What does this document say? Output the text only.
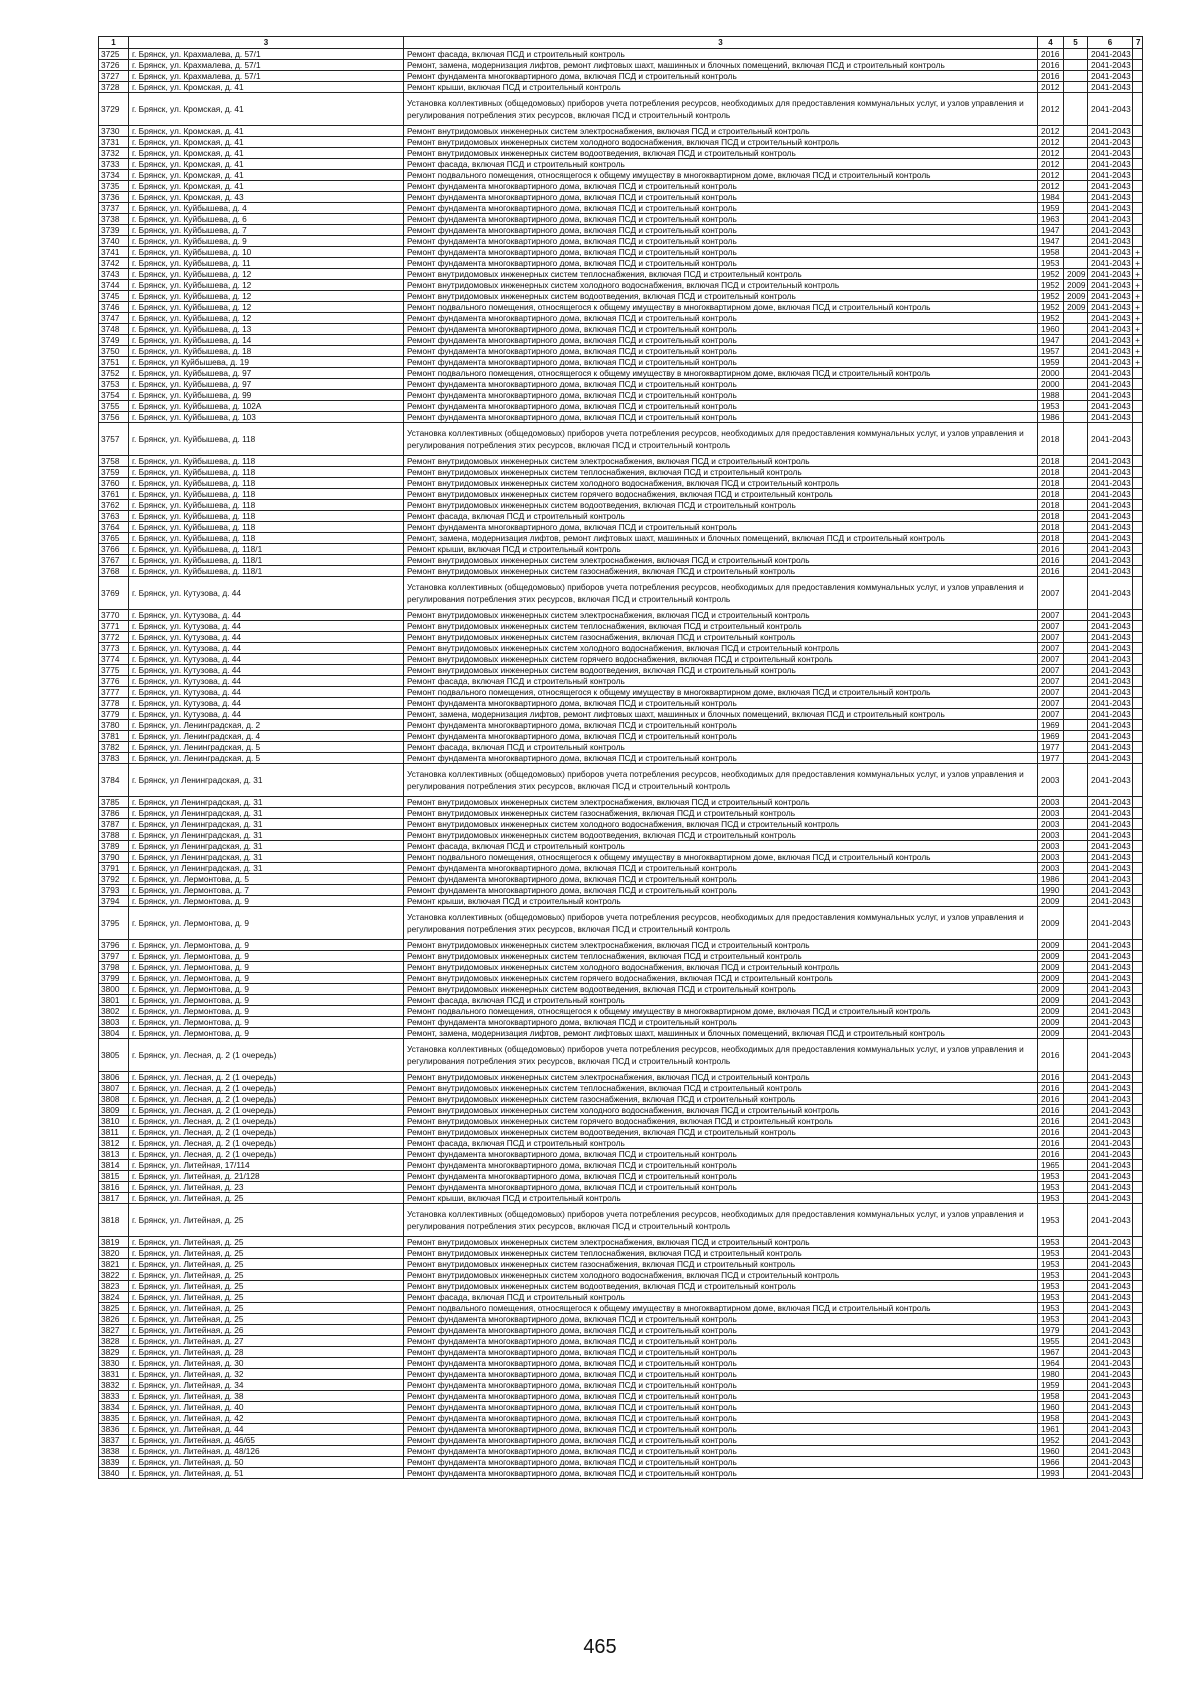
1	3	3	4	5	6	7
3725	г. Брянск, ул. Крахмалева, д. 57/1	Ремонт фасада, включая ПСД и строительный контроль	2016		2041-2043	
3726	г. Брянск, ул. Крахмалева, д. 57/1	Ремонт, замена, модернизация лифтов, ремонт лифтовых шахт, машинных и блочных помещений, включая ПСД и строительный контроль	2016		2041-2043	
3727	г. Брянск, ул. Крахмалева, д. 57/1	Ремонт фундамента многоквартирного дома, включая ПСД и строительный контроль	2016		2041-2043	
3728	г. Брянск, ул. Кромская, д. 41	Ремонт крыши, включая ПСД и строительный контроль	2012		2041-2043	
3729	г. Брянск, ул. Кромская, д. 41	Установка коллективных (общедомовых) приборов учета потребления ресурсов, необходимых для предоставления коммунальных услуг, и узлов управления и регулирования потребления этих ресурсов, включая ПСД и строительный контроль	2012		2041-2043	
3730	г. Брянск, ул. Кромская, д. 41	Ремонт внутридомовых инженерных систем электроснабжения, включая ПСД и строительный контроль	2012		2041-2043	
3731	г. Брянск, ул. Кромская, д. 41	Ремонт внутридомовых инженерных систем холодного водоснабжения, включая ПСД и строительный контроль	2012		2041-2043	
3732	г. Брянск, ул. Кромская, д. 41	Ремонт внутридомовых инженерных систем водоотведения, включая ПСД и строительный контроль	2012		2041-2043	
3733	г. Брянск, ул. Кромская, д. 41	Ремонт фасада, включая ПСД и строительный контроль	2012		2041-2043	
3734	г. Брянск, ул. Кромская, д. 41	Ремонт подвального помещения, относящегося к общему имуществу в многоквартирном доме, включая ПСД и строительный контроль	2012		2041-2043	
3735	г. Брянск, ул. Кромская, д. 41	Ремонт фундамента многоквартирного дома, включая ПСД и строительный контроль	2012		2041-2043	
3736	г. Брянск, ул. Кромская, д. 43	Ремонт фундамента многоквартирного дома, включая ПСД и строительный контроль	1984		2041-2043	
3737	г. Брянск, ул. Куйбышева, д. 4	Ремонт фундамента многоквартирного дома, включая ПСД и строительный контроль	1959		2041-2043	
3738	г. Брянск, ул. Куйбышева, д. 6	Ремонт фундамента многоквартирного дома, включая ПСД и строительный контроль	1963		2041-2043	
3739	г. Брянск, ул. Куйбышева, д. 7	Ремонт фундамента многоквартирного дома, включая ПСД и строительный контроль	1947		2041-2043	
3740	г. Брянск, ул. Куйбышева, д. 9	Ремонт фундамента многоквартирного дома, включая ПСД и строительный контроль	1947		2041-2043	
3741	г. Брянск, ул. Куйбышева, д. 10	Ремонт фундамента многоквартирного дома, включая ПСД и строительный контроль	1958		2041-2043	+
3742	г. Брянск, ул. Куйбышева, д. 11	Ремонт фундамента многоквартирного дома, включая ПСД и строительный контроль	1953		2041-2043	+
3743	г. Брянск, ул. Куйбышева, д. 12	Ремонт внутридомовых инженерных систем теплоснабжения, включая ПСД и строительный контроль	1952	2009	2041-2043	+
3744	г. Брянск, ул. Куйбышева, д. 12	Ремонт внутридомовых инженерных систем холодного водоснабжения, включая ПСД и строительный контроль	1952	2009	2041-2043	+
3745	г. Брянск, ул. Куйбышева, д. 12	Ремонт внутридомовых инженерных систем водоотведения, включая ПСД и строительный контроль	1952	2009	2041-2043	+
3746	г. Брянск, ул. Куйбышева, д. 12	Ремонт подвального помещения, относящегося к общему имуществу в многоквартирном доме, включая ПСД и строительный контроль	1952	2009	2041-2043	+
3747	г. Брянск, ул. Куйбышева, д. 12	Ремонт фундамента многоквартирного дома, включая ПСД и строительный контроль	1952		2041-2043	+
3748	г. Брянск, ул. Куйбышева, д. 13	Ремонт фундамента многоквартирного дома, включая ПСД и строительный контроль	1960		2041-2043	+
3749	г. Брянск, ул. Куйбышева, д. 14	Ремонт фундамента многоквартирного дома, включая ПСД и строительный контроль	1947		2041-2043	+
3750	г. Брянск, ул. Куйбышева, д. 18	Ремонт фундамента многоквартирного дома, включая ПСД и строительный контроль	1957		2041-2043	+
3751	г. Брянск, ул Куйбышева, д. 19	Ремонт фундамента многоквартирного дома, включая ПСД и строительный контроль	1959		2041-2043	+
3752	г. Брянск, ул. Куйбышева, д. 97	Ремонт подвального помещения, относящегося к общему имуществу в многоквартирном доме, включая ПСД и строительный контроль	2000		2041-2043	
3753	г. Брянск, ул. Куйбышева, д. 97	Ремонт фундамента многоквартирного дома, включая ПСД и строительный контроль	2000		2041-2043	
3754	г. Брянск, ул. Куйбышева, д. 99	Ремонт фундамента многоквартирного дома, включая ПСД и строительный контроль	1988		2041-2043	
3755	г. Брянск, ул. Куйбышева, д. 102А	Ремонт фундамента многоквартирного дома, включая ПСД и строительный контроль	1953		2041-2043	
3756	г. Брянск, ул. Куйбышева, д. 103	Ремонт фундамента многоквартирного дома, включая ПСД и строительный контроль	1986		2041-2043	
3757	г. Брянск, ул. Куйбышева, д. 118	Установка коллективных (общедомовых) приборов учета потребления ресурсов, необходимых для предоставления коммунальных услуг, и узлов управления и регулирования потребления этих ресурсов, включая ПСД и строительный контроль	2018		2041-2043	
3758	г. Брянск, ул. Куйбышева, д. 118	Ремонт внутридомовых инженерных систем электроснабжения, включая ПСД и строительный контроль	2018		2041-2043	
3759	г. Брянск, ул. Куйбышева, д. 118	Ремонт внутридомовых инженерных систем теплоснабжения, включая ПСД и строительный контроль	2018		2041-2043	
3760	г. Брянск, ул. Куйбышева, д. 118	Ремонт внутридомовых инженерных систем холодного водоснабжения, включая ПСД и строительный контроль	2018		2041-2043	
3761	г. Брянск, ул. Куйбышева, д. 118	Ремонт внутридомовых инженерных систем горячего водоснабжения, включая ПСД и строительный контроль	2018		2041-2043	
3762	г. Брянск, ул. Куйбышева, д. 118	Ремонт внутридомовых инженерных систем водоотведения, включая ПСД и строительный контроль	2018		2041-2043	
3763	г. Брянск, ул. Куйбышева, д. 118	Ремонт фасада, включая ПСД и строительный контроль	2018		2041-2043	
3764	г. Брянск, ул. Куйбышева, д. 118	Ремонт фундамента многоквартирного дома, включая ПСД и строительный контроль	2018		2041-2043	
3765	г. Брянск, ул. Куйбышева, д. 118	Ремонт, замена, модернизация лифтов, ремонт лифтовых шахт, машинных и блочных помещений, включая ПСД и строительный контроль	2018		2041-2043	
3766	г. Брянск, ул. Куйбышева, д. 118/1	Ремонт крыши, включая ПСД и строительный контроль	2016		2041-2043	
3767	г. Брянск, ул. Куйбышева, д. 118/1	Ремонт внутридомовых инженерных систем электроснабжения, включая ПСД и строительный контроль	2016		2041-2043	
3768	г. Брянск, ул. Куйбышева, д. 118/1	Ремонт внутридомовых инженерных систем газоснабжения, включая ПСД и строительный контроль	2016		2041-2043	
3769	г. Брянск, ул. Кутузова, д. 44	Установка коллективных (общедомовых) приборов учета потребления ресурсов, необходимых для предоставления коммунальных услуг, и узлов управления и регулирования потребления этих ресурсов, включая ПСД и строительный контроль	2007		2041-2043	
3770	г. Брянск, ул. Кутузова, д. 44	Ремонт внутридомовых инженерных систем электроснабжения, включая ПСД и строительный контроль	2007		2041-2043	
3771	г. Брянск, ул. Кутузова, д. 44	Ремонт внутридомовых инженерных систем теплоснабжения, включая ПСД и строительный контроль	2007		2041-2043	
3772	г. Брянск, ул. Кутузова, д. 44	Ремонт внутридомовых инженерных систем газоснабжения, включая ПСД и строительный контроль	2007		2041-2043	
3773	г. Брянск, ул. Кутузова, д. 44	Ремонт внутридомовых инженерных систем холодного водоснабжения, включая ПСД и строительный контроль	2007		2041-2043	
3774	г. Брянск, ул. Кутузова, д. 44	Ремонт внутридомовых инженерных систем горячего водоснабжения, включая ПСД и строительный контроль	2007		2041-2043	
3775	г. Брянск, ул. Кутузова, д. 44	Ремонт внутридомовых инженерных систем водоотведения, включая ПСД и строительный контроль	2007		2041-2043	
3776	г. Брянск, ул. Кутузова, д. 44	Ремонт фасада, включая ПСД и строительный контроль	2007		2041-2043	
3777	г. Брянск, ул. Кутузова, д. 44	Ремонт подвального помещения, относящегося к общему имуществу в многоквартирном доме, включая ПСД и строительный контроль	2007		2041-2043	
3778	г. Брянск, ул. Кутузова, д. 44	Ремонт фундамента многоквартирного дома, включая ПСД и строительный контроль	2007		2041-2043	
3779	г. Брянск, ул. Кутузова, д. 44	Ремонт, замена, модернизация лифтов, ремонт лифтовых шахт, машинных и блочных помещений, включая ПСД и строительный контроль	2007		2041-2043	
3780	г. Брянск, ул. Ленинградская, д. 2	Ремонт фундамента многоквартирного дома, включая ПСД и строительный контроль	1969		2041-2043	
3781	г. Брянск, ул. Ленинградская, д. 4	Ремонт фундамента многоквартирного дома, включая ПСД и строительный контроль	1969		2041-2043	
3782	г. Брянск, ул. Ленинградская, д. 5	Ремонт фасада, включая ПСД и строительный контроль	1977		2041-2043	
3783	г. Брянск, ул. Ленинградская, д. 5	Ремонт фундамента многоквартирного дома, включая ПСД и строительный контроль	1977		2041-2043	
3784	г. Брянск, ул Ленинградская, д. 31	Установка коллективных (общедомовых) приборов учета потребления ресурсов, необходимых для предоставления коммунальных услуг, и узлов управления и регулирования потребления этих ресурсов, включая ПСД и строительный контроль	2003		2041-2043	
3785	г. Брянск, ул Ленинградская, д. 31	Ремонт внутридомовых инженерных систем электроснабжения, включая ПСД и строительный контроль	2003		2041-2043	
3786	г. Брянск, ул Ленинградская, д. 31	Ремонт внутридомовых инженерных систем газоснабжения, включая ПСД и строительный контроль	2003		2041-2043	
3787	г. Брянск, ул Ленинградская, д. 31	Ремонт внутридомовых инженерных систем холодного водоснабжения, включая ПСД и строительный контроль	2003		2041-2043	
3788	г. Брянск, ул Ленинградская, д. 31	Ремонт внутридомовых инженерных систем водоотведения, включая ПСД и строительный контроль	2003		2041-2043	
3789	г. Брянск, ул Ленинградская, д. 31	Ремонт фасада, включая ПСД и строительный контроль	2003		2041-2043	
3790	г. Брянск, ул Ленинградская, д. 31	Ремонт подвального помещения, относящегося к общему имуществу в многоквартирном доме, включая ПСД и строительный контроль	2003		2041-2043	
3791	г. Брянск, ул Ленинградская, д. 31	Ремонт фундамента многоквартирного дома, включая ПСД и строительный контроль	2003		2041-2043	
3792	г. Брянск, ул. Лермонтова, д. 5	Ремонт фундамента многоквартирного дома, включая ПСД и строительный контроль	1986		2041-2043	
3793	г. Брянск, ул. Лермонтова, д. 7	Ремонт фундамента многоквартирного дома, включая ПСД и строительный контроль	1990		2041-2043	
3794	г. Брянск, ул. Лермонтова, д. 9	Ремонт крыши, включая ПСД и строительный контроль	2009		2041-2043	
3795	г. Брянск, ул. Лермонтова, д. 9	Установка коллективных (общедомовых) приборов учета потребления ресурсов, необходимых для предоставления коммунальных услуг, и узлов управления и регулирования потребления этих ресурсов, включая ПСД и строительный контроль	2009		2041-2043	
3796	г. Брянск, ул. Лермонтова, д. 9	Ремонт внутридомовых инженерных систем электроснабжения, включая ПСД и строительный контроль	2009		2041-2043	
3797	г. Брянск, ул. Лермонтова, д. 9	Ремонт внутридомовых инженерных систем теплоснабжения, включая ПСД и строительный контроль	2009		2041-2043	
3798	г. Брянск, ул. Лермонтова, д. 9	Ремонт внутридомовых инженерных систем холодного водоснабжения, включая ПСД и строительный контроль	2009		2041-2043	
3799	г. Брянск, ул. Лермонтова, д. 9	Ремонт внутридомовых инженерных систем горячего водоснабжения, включая ПСД и строительный контроль	2009		2041-2043	
3800	г. Брянск, ул. Лермонтова, д. 9	Ремонт внутридомовых инженерных систем водоотведения, включая ПСД и строительный контроль	2009		2041-2043	
3801	г. Брянск, ул. Лермонтова, д. 9	Ремонт фасада, включая ПСД и строительный контроль	2009		2041-2043	
3802	г. Брянск, ул. Лермонтова, д. 9	Ремонт подвального помещения, относящегося к общему имуществу в многоквартирном доме, включая ПСД и строительный контроль	2009		2041-2043	
3803	г. Брянск, ул. Лермонтова, д. 9	Ремонт фундамента многоквартирного дома, включая ПСД и строительный контроль	2009		2041-2043	
3804	г. Брянск, ул. Лермонтова, д. 9	Ремонт, замена, модернизация лифтов, ремонт лифтовых шахт, машинных и блочных помещений, включая ПСД и строительный контроль	2009		2041-2043	
3805	г. Брянск, ул. Лесная, д. 2 (1 очередь)	Установка коллективных (общедомовых) приборов учета потребления ресурсов, необходимых для предоставления коммунальных услуг, и узлов управления и регулирования потребления этих ресурсов, включая ПСД и строительный контроль	2016		2041-2043	
3806	г. Брянск, ул. Лесная, д. 2 (1 очередь)	Ремонт внутридомовых инженерных систем электроснабжения, включая ПСД и строительный контроль	2016		2041-2043	
3807	г. Брянск, ул. Лесная, д. 2 (1 очередь)	Ремонт внутридомовых инженерных систем теплоснабжения, включая ПСД и строительный контроль	2016		2041-2043	
3808	г. Брянск, ул. Лесная, д. 2 (1 очередь)	Ремонт внутридомовых инженерных систем газоснабжения, включая ПСД и строительный контроль	2016		2041-2043	
3809	г. Брянск, ул. Лесная, д. 2 (1 очередь)	Ремонт внутридомовых инженерных систем холодного водоснабжения, включая ПСД и строительный контроль	2016		2041-2043	
3810	г. Брянск, ул. Лесная, д. 2 (1 очередь)	Ремонт внутридомовых инженерных систем горячего водоснабжения, включая ПСД и строительный контроль	2016		2041-2043	
3811	г. Брянск, ул. Лесная, д. 2 (1 очередь)	Ремонт внутридомовых инженерных систем водоотведения, включая ПСД и строительный контроль	2016		2041-2043	
3812	г. Брянск, ул. Лесная, д. 2 (1 очередь)	Ремонт фасада, включая ПСД и строительный контроль	2016		2041-2043	
3813	г. Брянск, ул. Лесная, д. 2 (1 очередь)	Ремонт фундамента многоквартирного дома, включая ПСД и строительный контроль	2016		2041-2043	
3814	г. Брянск, ул. Литейная, 17/114	Ремонт фундамента многоквартирного дома, включая ПСД и строительный контроль	1965		2041-2043	
3815	г. Брянск, ул. Литейная, д. 21/128	Ремонт фундамента многоквартирного дома, включая ПСД и строительный контроль	1953		2041-2043	
3816	г. Брянск, ул. Литейная, д. 23	Ремонт фундамента многоквартирного дома, включая ПСД и строительный контроль	1953		2041-2043	
3817	г. Брянск, ул. Литейная, д. 25	Ремонт крыши, включая ПСД и строительный контроль	1953		2041-2043	
3818	г. Брянск, ул. Литейная, д. 25	Установка коллективных (общедомовых) приборов учета потребления ресурсов, необходимых для предоставления коммунальных услуг, и узлов управления и регулирования потребления этих ресурсов, включая ПСД и строительный контроль	1953		2041-2043	
3819	г. Брянск, ул. Литейная, д. 25	Ремонт внутридомовых инженерных систем электроснабжения, включая ПСД и строительный контроль	1953		2041-2043	
3820	г. Брянск, ул. Литейная, д. 25	Ремонт внутридомовых инженерных систем теплоснабжения, включая ПСД и строительный контроль	1953		2041-2043	
3821	г. Брянск, ул. Литейная, д. 25	Ремонт внутридомовых инженерных систем газоснабжения, включая ПСД и строительный контроль	1953		2041-2043	
3822	г. Брянск, ул. Литейная, д. 25	Ремонт внутридомовых инженерных систем холодного водоснабжения, включая ПСД и строительный контроль	1953		2041-2043	
3823	г. Брянск, ул. Литейная, д. 25	Ремонт внутридомовых инженерных систем водоотведения, включая ПСД и строительный контроль	1953		2041-2043	
3824	г. Брянск, ул. Литейная, д. 25	Ремонт фасада, включая ПСД и строительный контроль	1953		2041-2043	
3825	г. Брянск, ул. Литейная, д. 25	Ремонт подвального помещения, относящегося к общему имуществу в многоквартирном доме, включая ПСД и строительный контроль	1953		2041-2043	
3826	г. Брянск, ул. Литейная, д. 25	Ремонт фундамента многоквартирного дома, включая ПСД и строительный контроль	1953		2041-2043	
3827	г. Брянск, ул. Литейная, д. 26	Ремонт фундамента многоквартирного дома, включая ПСД и строительный контроль	1979		2041-2043	
3828	г. Брянск, ул. Литейная, д. 27	Ремонт фундамента многоквартирного дома, включая ПСД и строительный контроль	1955		2041-2043	
3829	г. Брянск, ул. Литейная, д. 28	Ремонт фундамента многоквартирного дома, включая ПСД и строительный контроль	1967		2041-2043	
3830	г. Брянск, ул. Литейная, д. 30	Ремонт фундамента многоквартирного дома, включая ПСД и строительный контроль	1964		2041-2043	
3831	г. Брянск, ул. Литейная, д. 32	Ремонт фундамента многоквартирного дома, включая ПСД и строительный контроль	1980		2041-2043	
3832	г. Брянск, ул. Литейная, д. 34	Ремонт фундамента многоквартирного дома, включая ПСД и строительный контроль	1959		2041-2043	
3833	г. Брянск, ул. Литейная, д. 38	Ремонт фундамента многоквартирного дома, включая ПСД и строительный контроль	1958		2041-2043	
3834	г. Брянск, ул. Литейная, д. 40	Ремонт фундамента многоквартирного дома, включая ПСД и строительный контроль	1960		2041-2043	
3835	г. Брянск, ул. Литейная, д. 42	Ремонт фундамента многоквартирного дома, включая ПСД и строительный контроль	1958		2041-2043	
3836	г. Брянск, ул. Литейная, д. 44	Ремонт фундамента многоквартирного дома, включая ПСД и строительный контроль	1961		2041-2043	
3837	г. Брянск, ул. Литейная, д. 46/65	Ремонт фундамента многоквартирного дома, включая ПСД и строительный контроль	1952		2041-2043	
3838	г. Брянск, ул. Литейная, д. 48/126	Ремонт фундамента многоквартирного дома, включая ПСД и строительный контроль	1960		2041-2043	
3839	г. Брянск, ул. Литейная, д. 50	Ремонт фундамента многоквартирного дома, включая ПСД и строительный контроль	1966		2041-2043	
3840	г. Брянск, ул. Литейная, д. 51	Ремонт фундамента многоквартирного дома, включая ПСД и строительный контроль	1993		2041-2043	
465
